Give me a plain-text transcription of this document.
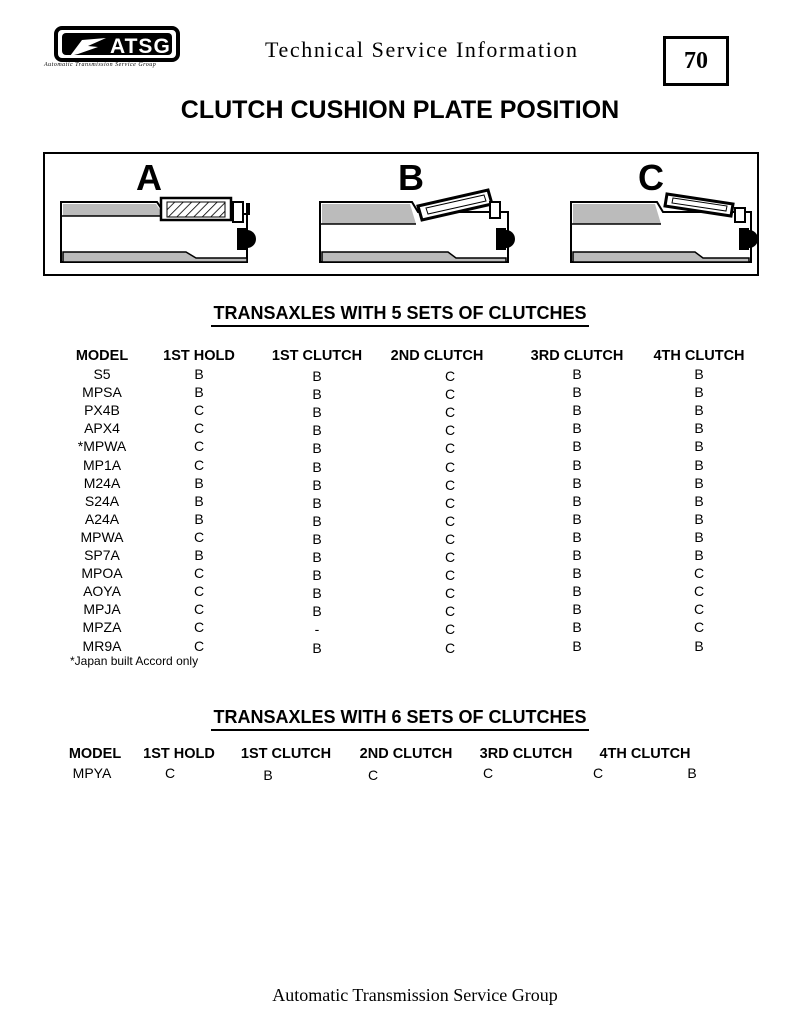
ATSG
Automatic Transmission Service Group
Technical Service Information	70
CLUTCH CUSHION PLATE POSITION
A	B	C
TRANSAXLES WITH 5 SETS OF CLUTCHES
MODEL 1ST HOLD	1ST CLUTCH 2ND CLUTCH	3RD CLUTCH 4TH CLUTCH
S5	B	B	C	B	B
MPSA	B	B	C	B	B
PX4B	C	B	C	B	B
APX4	C	B	C	B	B
*MPWA	C	B	C	B	B
MP1A	C	B	C	B	B
M24A	B	B	C	B	B
S24A	B	B	C	B	B
A24A	B	B	C	B	B
MPWA	C	B	C	B	B
SP7A	B	B	C	B	B
MPOA	C	B	C	B	C
AOYA	C	B	C	B	C
MPJA	C	B	C	B	C
MPZA	C	-	C	B	C
MR9A	C	B	C	B	B
*Japan built Accord only
TRANSAXLES WITH 6 SETS OF CLUTCHES
MODEL 1ST HOLD 1ST CLUTCH 2ND CLUTCH 3RD CLUTCH 4TH CLUTCH
MPYA	C	B	C	C	C	B
Automatic Transmission Service Group
